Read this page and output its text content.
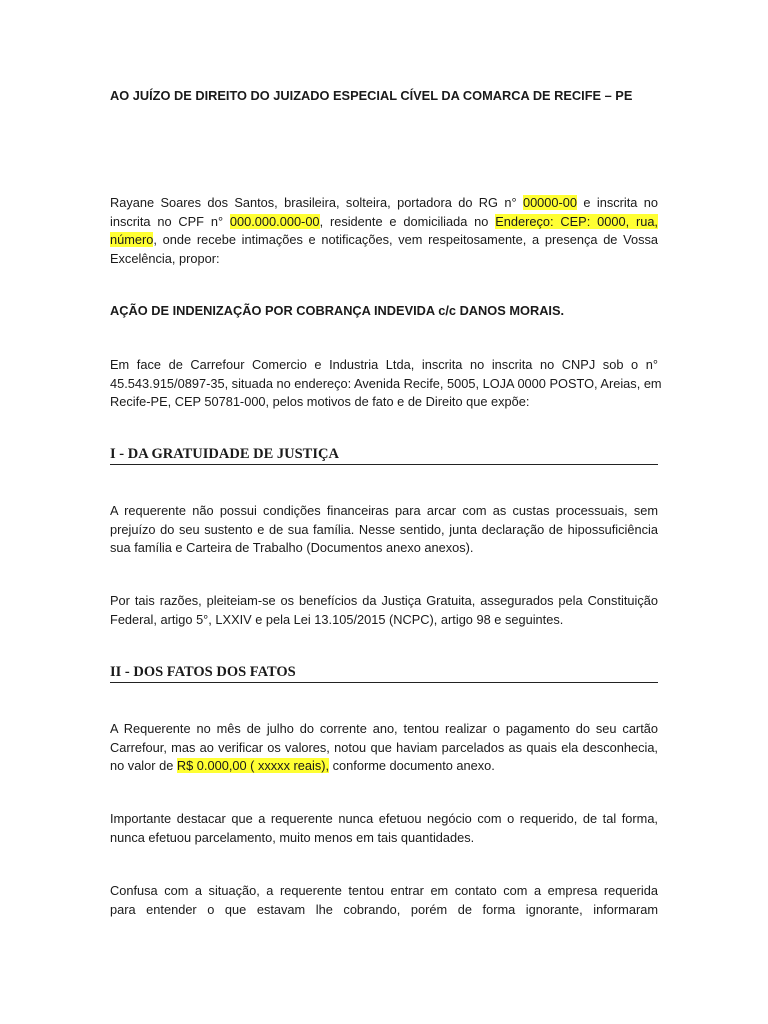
AO JUÍZO DE DIREITO DO JUIZADO ESPECIAL CÍVEL DA COMARCA DE RECIFE – PE
Rayane Soares dos Santos, brasileira, solteira, portadora do RG n° 00000-00 e inscrita no
inscrita no CPF n° 000.000.000-00, residente e domiciliada no Endereço: CEP: 0000, rua,
número, onde recebe intimações e notificações, vem respeitosamente, a presença de Vossa
Excelência, propor:
AÇÃO DE INDENIZAÇÃO POR COBRANÇA INDEVIDA c/c DANOS MORAIS.
Em face de Carrefour Comercio e Industria Ltda, inscrita no inscrita no CNPJ sob o n°
45.543.915/0897-35, situada no endereço: Avenida Recife, 5005, LOJA 0000 POSTO, Areias, em
Recife-PE, CEP 50781-000, pelos motivos de fato e de Direito que expõe:
I - DA GRATUIDADE DE JUSTIÇA
A requerente não possui condições financeiras para arcar com as custas processuais, sem
prejuízo do seu sustento e de sua família. Nesse sentido, junta declaração de hipossuficiência
sua família e Carteira de Trabalho (Documentos anexo anexos).
Por tais razões, pleiteiam-se os benefícios da Justiça Gratuita, assegurados pela Constituição
Federal, artigo 5°, LXXIV e pela Lei 13.105/2015 (NCPC), artigo 98 e seguintes.
II - DOS FATOS DOS FATOS
A Requerente no mês de julho do corrente ano, tentou realizar o pagamento do seu cartão
Carrefour, mas ao verificar os valores, notou que haviam parcelados as quais ela desconhecia,
no valor de R$ 0.000,00 ( xxxxx reais), conforme documento anexo.
Importante destacar que a requerente nunca efetuou negócio com o requerido, de tal forma,
nunca efetuou parcelamento, muito menos em tais quantidades.
Confusa com a situação, a requerente tentou entrar em contato com a empresa requerida
para entender o que estavam lhe cobrando, porém de forma ignorante, informaram
